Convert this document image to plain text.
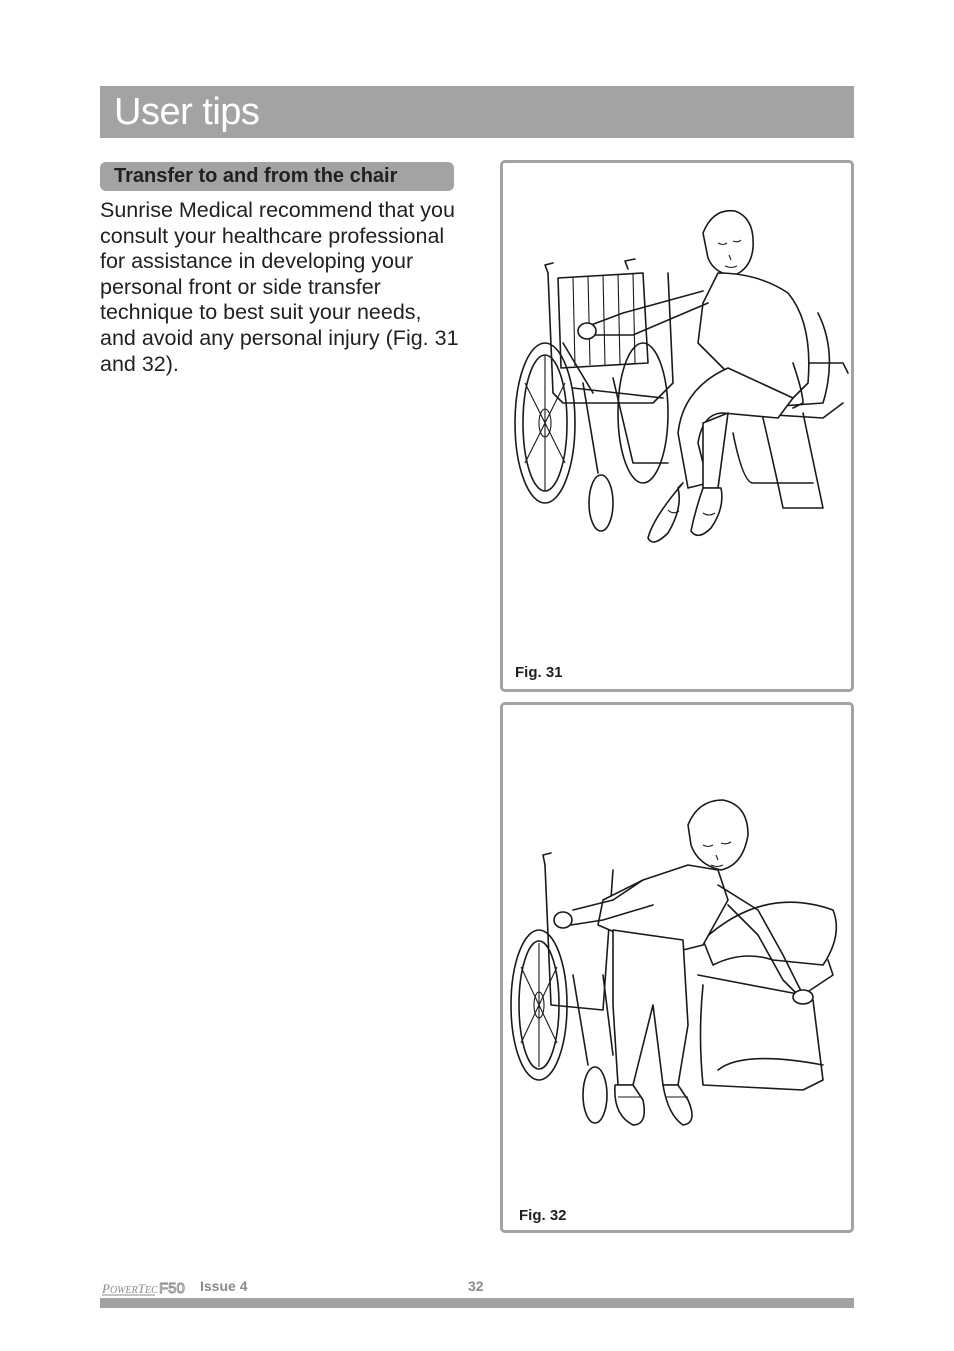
User tips
Transfer to and from the chair

Sunrise Medical recommend that you consult your healthcare professional for assistance in developing your personal front or side transfer technique to best suit your needs, and avoid any personal injury (Fig. 31 and 32).

Fig. 31
Fig. 32
POWERTEC F50 Issue 4	32
